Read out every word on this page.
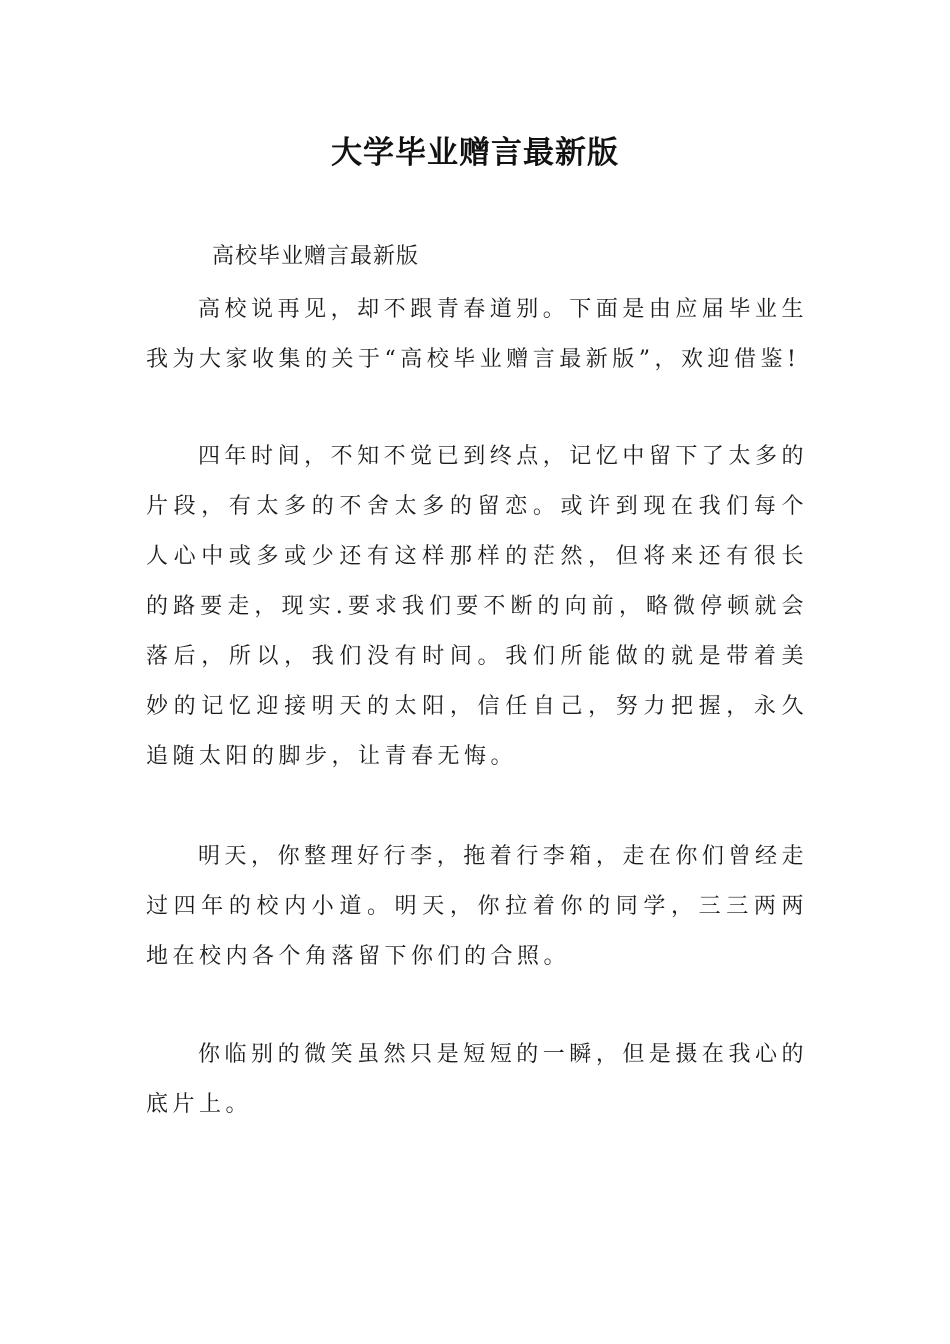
大学毕业赠言最新版
高校毕业赠言最新版

高校说再见，却不跟青春道别。下面是由应届毕业生我为大家收集的关于“高校毕业赠言最新版”，欢迎借鉴!

四年时间，不知不觉已到终点，记忆中留下了太多的片段，有太多的不舍太多的留恋。或许到现在我们每个人心中或多或少还有这样那样的茫然，但将来还有很长的路要走，现实.要求我们要不断的向前，略微停顿就会落后，所以，我们没有时间。我们所能做的就是带着美妙的记忆迎接明天的太阳，信任自己，努力把握，永久追随太阳的脚步，让青春无悔。

明天，你整理好行李，拖着行李箱，走在你们曾经走过四年的校内小道。明天，你拉着你的同学，三三两两地在校内各个角落留下你们的合照。

你临别的微笑虽然只是短短的一瞬，但是摄在我心的底片上。
